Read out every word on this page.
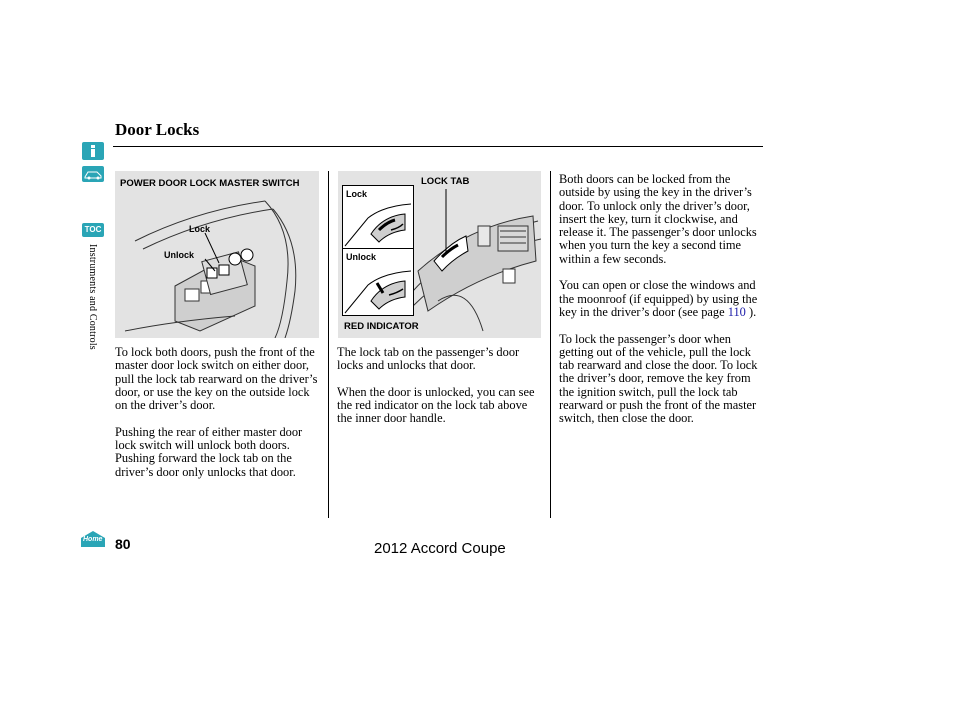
Door Locks
TOC
Instruments and Controls
Home
POWER DOOR LOCK MASTER SWITCH
Lock
Unlock
Lock
Unlock
LOCK TAB
RED INDICATOR

To lock both doors, push the front of the master door lock switch on either door, pull the lock tab rearward on the driver’s door, or use the key on the outside lock on the driver’s door.

Pushing the rear of either master door lock switch will unlock both doors.

Pushing forward the lock tab on the driver’s door only unlocks that door.

The lock tab on the passenger’s door locks and unlocks that door.

When the door is unlocked, you can see the red indicator on the lock tab above the inner door handle.

Both doors can be locked from the outside by using the key in the driver’s door. To unlock only the driver’s door, insert the key, turn it clockwise, and release it. The passenger’s door unlocks when you turn the key a second time within a few seconds.

You can open or close the windows and the moonroof (if equipped) by using the key in the driver’s door (see page 110 ).

To lock the passenger’s door when getting out of the vehicle, pull the lock tab rearward and close the door. To lock the driver’s door, remove the key from the ignition switch, pull the lock tab rearward or push the front of the master switch, then close the door.

80	2012 Accord Coupe
